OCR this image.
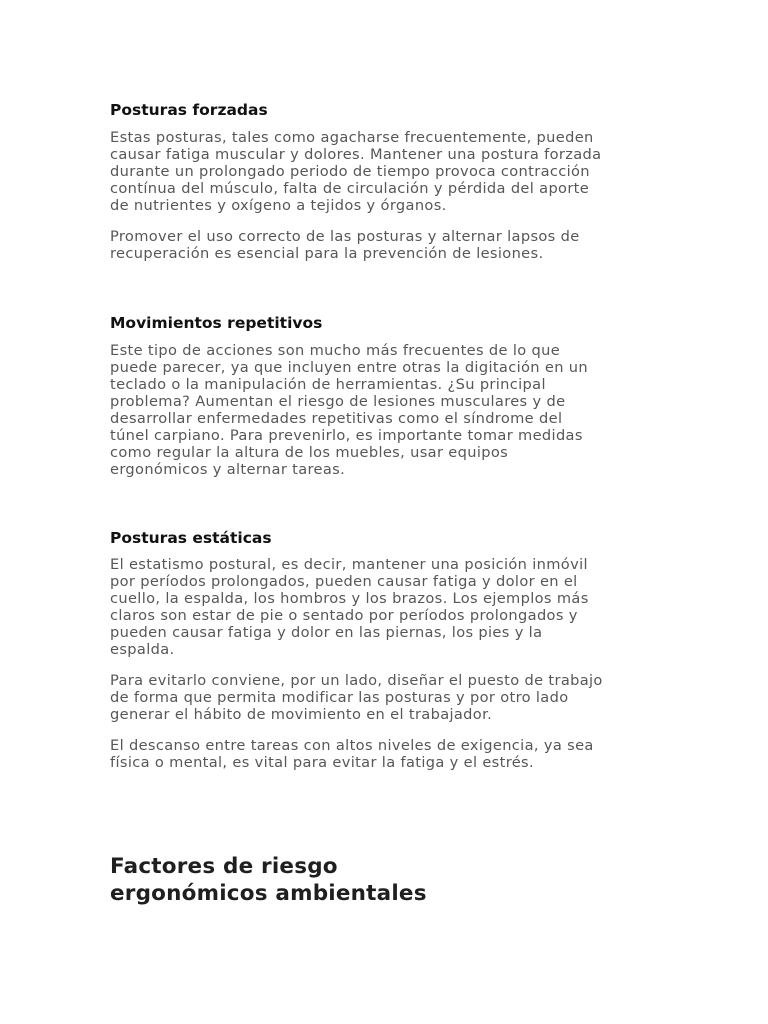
Posturas forzadas

Estas posturas, tales como agacharse frecuentemente, pueden
causar fatiga muscular y dolores. Mantener una postura forzada
durante un prolongado periodo de tiempo provoca contracción
contínua del músculo, falta de circulación y pérdida del aporte
de nutrientes y oxígeno a tejidos y órganos.

Promover el uso correcto de las posturas y alternar lapsos de
recuperación es esencial para la prevención de lesiones.

Movimientos repetitivos

Este tipo de acciones son mucho más frecuentes de lo que
puede parecer, ya que incluyen entre otras la digitación en un
teclado o la manipulación de herramientas. ¿Su principal
problema? Aumentan el riesgo de lesiones musculares y de
desarrollar enfermedades repetitivas como el síndrome del
túnel carpiano. Para prevenirlo, es importante tomar medidas
como regular la altura de los muebles, usar equipos
ergonómicos y alternar tareas.

Posturas estáticas

El estatismo postural, es decir, mantener una posición inmóvil
por períodos prolongados, pueden causar fatiga y dolor en el
cuello, la espalda, los hombros y los brazos. Los ejemplos más
claros son estar de pie o sentado por períodos prolongados y
pueden causar fatiga y dolor en las piernas, los pies y la
espalda.

Para evitarlo conviene, por un lado, diseñar el puesto de trabajo
de forma que permita modificar las posturas y por otro lado
generar el hábito de movimiento en el trabajador.

El descanso entre tareas con altos niveles de exigencia, ya sea
física o mental, es vital para evitar la fatiga y el estrés.

Factores de riesgo
ergonómicos ambientales
